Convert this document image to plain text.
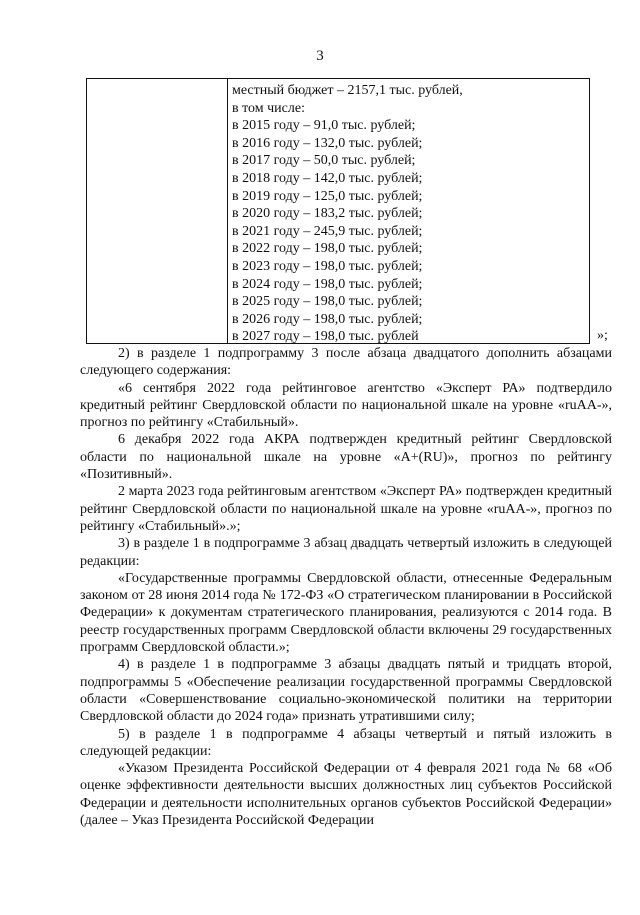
3
местный бюджет – 2157,1 тыс. рублей,
в том числе:
в 2015 году – 91,0 тыс. рублей;
в 2016 году – 132,0 тыс. рублей;
в 2017 году – 50,0 тыс. рублей;
в 2018 году – 142,0 тыс. рублей;
в 2019 году – 125,0 тыс. рублей;
в 2020 году – 183,2 тыс. рублей;
в 2021 году – 245,9 тыс. рублей;
в 2022 году – 198,0 тыс. рублей;
в 2023 году – 198,0 тыс. рублей;
в 2024 году – 198,0 тыс. рублей;
в 2025 году – 198,0 тыс. рублей;
в 2026 году – 198,0 тыс. рублей;
в 2027 году – 198,0 тыс. рублей	»;

2) в разделе 1 подпрограмму 3 после абзаца двадцатого дополнить абзацами следующего содержания:

«6 сентября 2022 года рейтинговое агентство «Эксперт РА» подтвердило кредитный рейтинг Свердловской области по национальной шкале на уровне «ruAA-», прогноз по рейтингу «Стабильный».

6 декабря 2022 года АКРА подтвержден кредитный рейтинг Свердловской области по национальной шкале на уровне «A+(RU)», прогноз по рейтингу «Позитивный».

2 марта 2023 года рейтинговым агентством «Эксперт РА» подтвержден кредитный рейтинг Свердловской области по национальной шкале на уровне «ruAA-», прогноз по рейтингу «Стабильный».»;

3) в разделе 1 в подпрограмме 3 абзац двадцать четвертый изложить в следующей редакции:

«Государственные программы Свердловской области, отнесенные Федеральным законом от 28 июня 2014 года № 172-ФЗ «О стратегическом планировании в Российской Федерации» к документам стратегического планирования, реализуются с 2014 года. В реестр государственных программ Свердловской области включены 29 государственных программ Свердловской области.»;

4) в разделе 1 в подпрограмме 3 абзацы двадцать пятый и тридцать второй, подпрограммы 5 «Обеспечение реализации государственной программы Свердловской области «Совершенствование социально-экономической политики на территории Свердловской области до 2024 года» признать утратившими силу;

5) в разделе 1 в подпрограмме 4 абзацы четвертый и пятый изложить в следующей редакции:

«Указом Президента Российской Федерации от 4 февраля 2021 года № 68 «Об оценке эффективности деятельности высших должностных лиц субъектов Российской Федерации и деятельности исполнительных органов субъектов Российской Федерации» (далее – Указ Президента Российской Федерации
